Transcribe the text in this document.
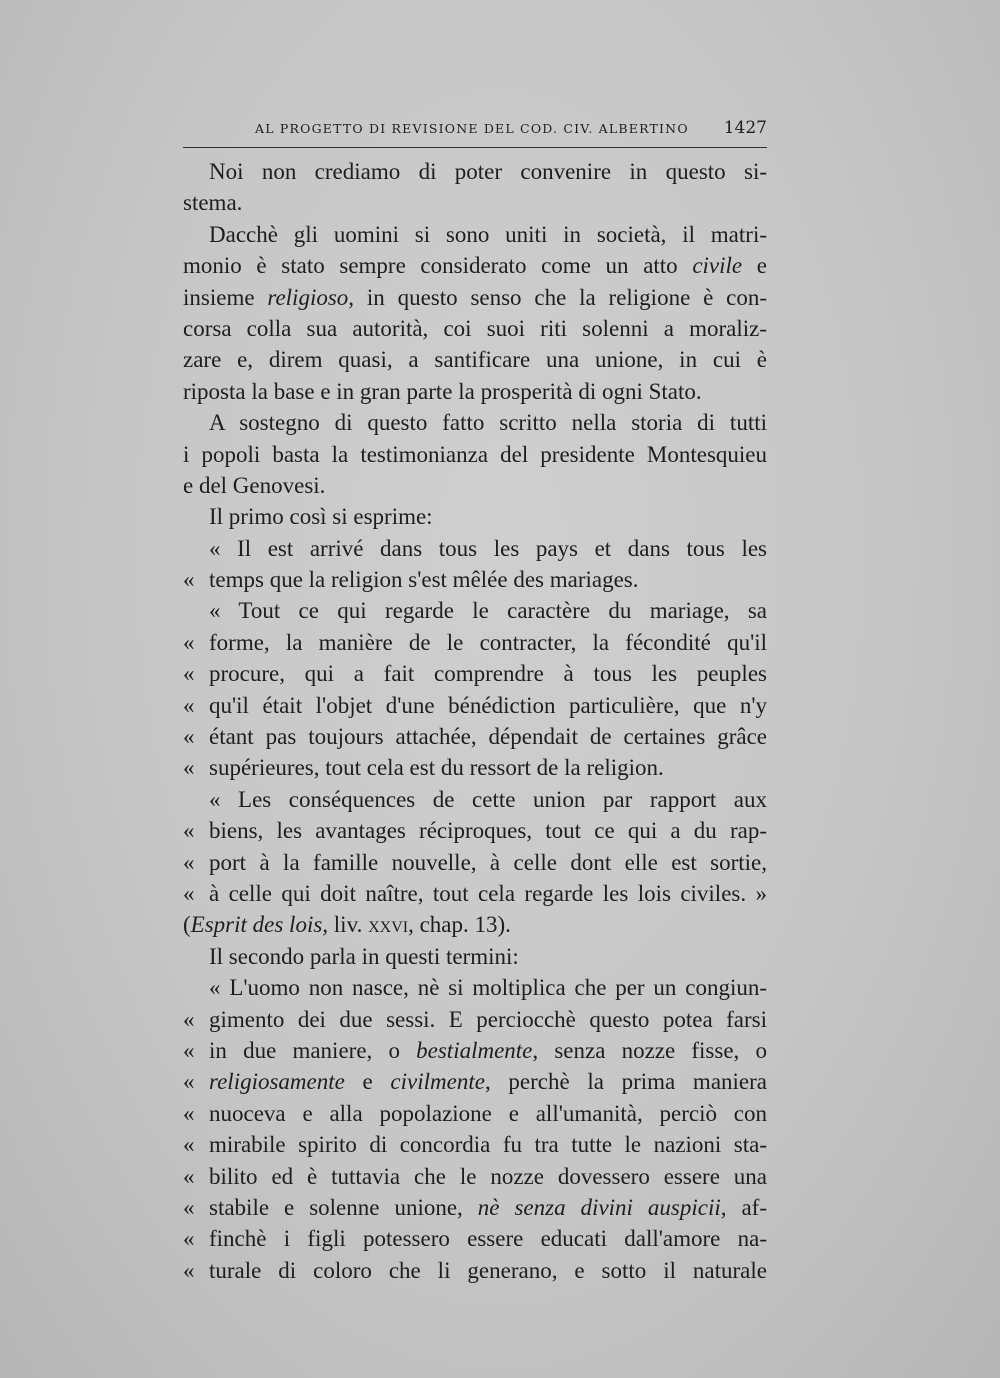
AL PROGETTO DI REVISIONE DEL COD. CIV. ALBERTINO 1427
Noi non crediamo di poter convenire in questo si-
stema.
Dacchè gli uomini si sono uniti in società, il matri-
monio è stato sempre considerato come un atto civile e
insieme religioso, in questo senso che la religione è con-
corsa colla sua autorità, coi suoi riti solenni a moraliz-
zare e, direm quasi, a santificare una unione, in cui è
riposta la base e in gran parte la prosperità di ogni Stato.
A sostegno di questo fatto scritto nella storia di tutti
i popoli basta la testimonianza del presidente Montesquieu
e del Genovesi.
Il primo così si esprime:
« Il est arrivé dans tous les pays et dans tous les
« temps que la religion s'est mêlée des mariages.
« Tout ce qui regarde le caractère du mariage, sa
« forme, la manière de le contracter, la fécondité qu'il
« procure, qui a fait comprendre à tous les peuples
« qu'il était l'objet d'une bénédiction particulière, que n'y
« étant pas toujours attachée, dépendait de certaines grâce
« supérieures, tout cela est du ressort de la religion.
« Les conséquences de cette union par rapport aux
« biens, les avantages réciproques, tout ce qui a du rap-
« port à la famille nouvelle, à celle dont elle est sortie,
« à celle qui doit naître, tout cela regarde les lois civiles. »
(Esprit des lois, liv. xxvi, chap. 13).
Il secondo parla in questi termini:
« L'uomo non nasce, nè si moltiplica che per un congiun-
« gimento dei due sessi. E perciocchè questo potea farsi
« in due maniere, o bestialmente, senza nozze fisse, o
« religiosamente e civilmente, perchè la prima maniera
« nuoceva e alla popolazione e all'umanità, perciò con
« mirabile spirito di concordia fu tra tutte le nazioni sta-
« bilito ed è tuttavia che le nozze dovessero essere una
« stabile e solenne unione, nè senza divini auspicii, af-
« finchè i figli potessero essere educati dall'amore na-
« turale di coloro che li generano, e sotto il naturale
